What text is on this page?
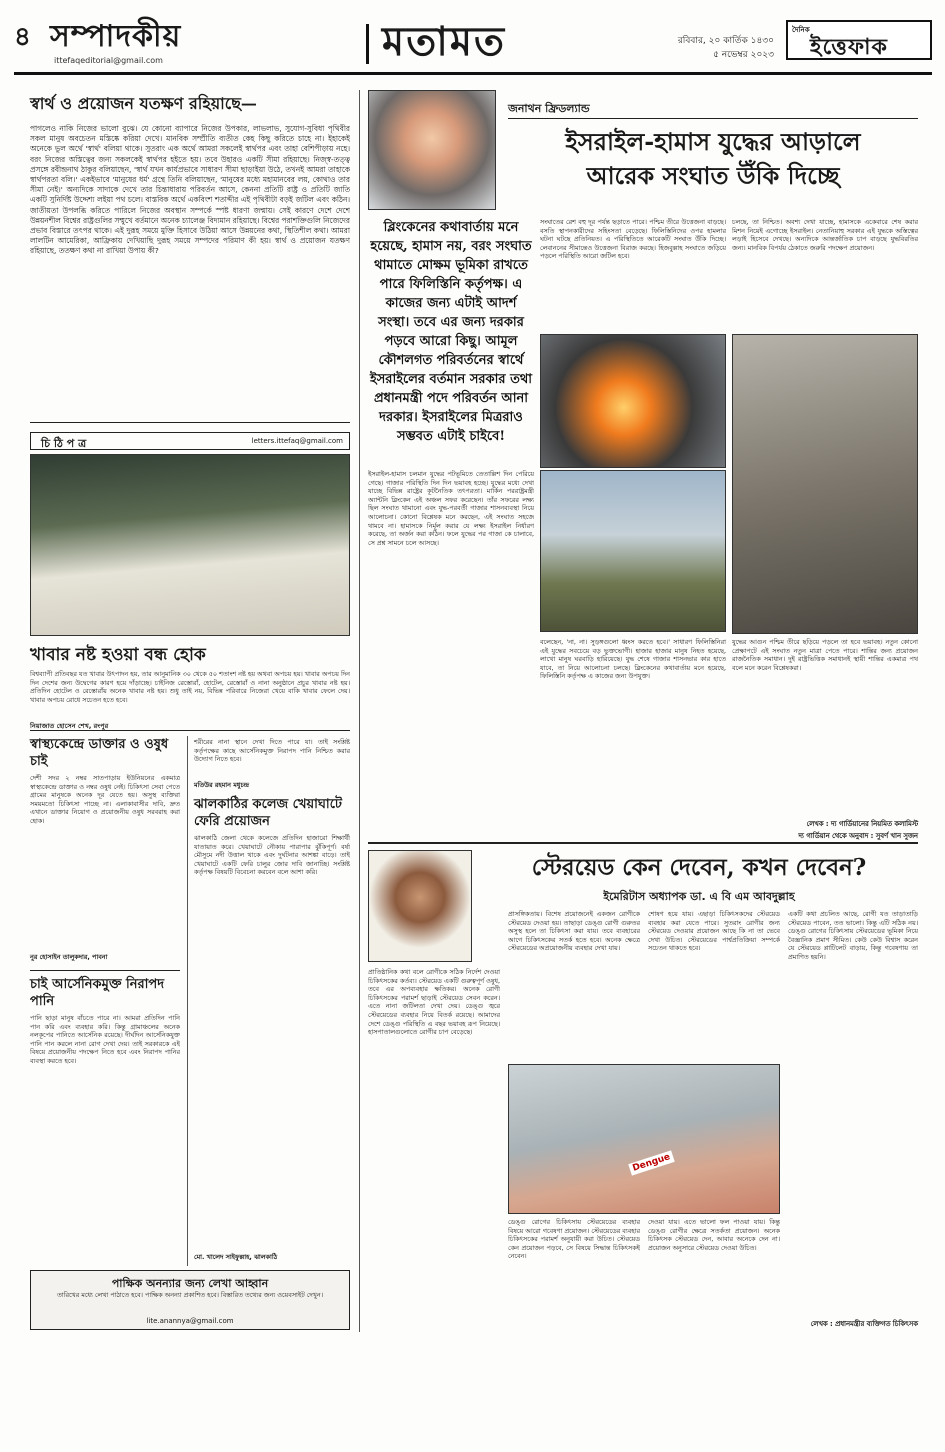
৪ সম্পাদকীয়
ittefaqeditorial@gmail.com	মতামত	রবিবার, ২০ কার্তিক ১৪৩০
৫ নভেম্বর ২০২৩
দৈনিক
ইত্তেফাক
স্বার্থ ও প্রয়োজন যতক্ষণ রহিয়াছে—
পাগলেও নাকি নিজের ভালো বুঝে। যে কোনো ব্যাপারে নিজের উপকার, লাভলাভ, সুযোগ-সুবিধা পৃথিবীর সকল মানুষ অবচেতন মস্তিষ্কে করিয়া দেখে। মানবিক সম্প্রীতি ব্যতীত কেহ কিছু করিতে চাহে না। ইহাকেই অনেকে ভুল অর্থে 'স্বার্থ' বলিয়া থাকে। সুতরাং এক অর্থে আমরা সকলেই স্বার্থপর এবং তাহা বেশিপীড়ায় নহে। বরং নিজের অস্তিত্বের জন্য সকলকেই স্বার্থপর হইতে হয়। তবে উহারও একটি সীমা রহিয়াছে। নিজ্স্ব-তত্ত্ব প্রসঙ্গে রবীন্দ্রনাথ ঠাকুর বলিয়াছেন, 'স্বার্থ যখন কার্যপ্রভাবে সাধারণ সীমা ছাড়াইয়া উঠে, তখনই আমরা তাহাকে স্বার্থপরতা বলি।' একইভাবে 'মানুষের ধর্ম' গ্রন্থে তিনি বলিয়াছেন, 'মানুষের মধ্যে মহামানবের লয়, কোথাও তার সীমা নেই।' অন্যদিকে সাদাকে দেখে তার চিন্তাধারায় পরিবর্তন আসে, কেননা প্রতিটি রাষ্ট্র ও প্রতিটি জাতি একটি সুনির্দিষ্ট উদ্দেশ্য লইয়া পথ চলে। বাস্তবিক অর্থে একবিংশ শতাব্দীর এই পৃথিবীটা বড়ই জটিল এবং কঠিন। জাতীয়তা উপলব্ধি করিতে পারিলে নিজের অবস্থান সম্পর্কে স্পষ্ট ধারণা জন্মায়। সেই কারণে দেশে দেশে উন্নয়নশীল বিশ্বের রাষ্ট্রগুলির সম্মুখে বর্তমানে অনেক চ্যালেঞ্জ বিদ্যমান রহিয়াছে। বিশ্বের পরাশক্তিগুলি নিজেদের প্রভাব বিস্তারে তৎপর থাকে। এই দুরূহ সময়ে মুক্তি হিসাবে উঠিয়া আসে উন্নয়নের কথা, স্থিতিশীল কথা। আমরা লালটিন আমেরিকা, আফ্রিকায় দেখিয়াছি দুরূহ সময়ে সম্পদের পরিমাণ কী হয়। স্বার্থ ও প্রয়োজন যতক্ষণ রহিয়াছে, ততক্ষণ কথা না রাখিয়া উপায় কী?
চি ঠি প ত্র	letters.ittefaq@gmail.com
খাবার নষ্ট হওয়া বন্ধ হোক
বিশ্বব্যাপী প্রতিবছর যত খাবার উৎপাদন হয়, তার আনুমানিক ৩০ থেকে ৫০ শতাংশ নষ্ট হয় অথবা অপচয় হয়। খাবার অপচয় দিন দিন দেশের জন্য উদ্বেগের কারণ হয়ে দাঁড়াচ্ছে। চাইনিজ রেস্তোরাঁ, হোটেল, রেস্তোরাঁ ও নানা অনুষ্ঠানে প্রচুর খাবার নষ্ট হয়। প্রতিদিন হোটেল ও রেস্তোরাঁয় অনেক খাবার নষ্ট হয়। শুধু তাই নয়, বিভিন্ন পরিবারে নিজেরা খেয়ে বাকি খাবার ফেলে দেয়। খাবার অপচয় রোধে সচেতন হতে হবে।
নিয়াজাত হোসেন শেখ, রংপুর
স্বাস্থ্যকেন্দ্রে ডাক্তার ও ওষুধ চাই
দেশী সদর ২ নম্বর সাতপাড়ায় ইউনিয়নের একমাত্র স্বাস্থ্যকেন্দ্রে ডাক্তার ও নম্বর ওষুধ নেই। চিকিৎসা সেবা পেতে গ্রামের মানুষকে অনেক দূর যেতে হয়। অসুস্থ ব্যক্তিরা সময়মতো চিকিৎসা পাচ্ছে না। এলাকাবাসীর দাবি, দ্রুত এখানে ডাক্তার নিয়োগ ও প্রয়োজনীয় ওষুধ সরবরাহ করা হোক।
নুর হোসাইন তালুকদার, পাবনা
চাই আর্সেনিকমুক্ত নিরাপদ পানি
পানি ছাড়া মানুষ বাঁচতে পারে না। আমরা প্রতিদিন পানি পান করি এবং ব্যবহার করি। কিন্তু গ্রামাঞ্চলের অনেক নলকূপের পানিতে আর্সেনিক রয়েছে। দীর্ঘদিন আর্সেনিকযুক্ত পানি পান করলে নানা রোগ দেখা দেয়। তাই সরকারকে এই বিষয়ে প্রয়োজনীয় পদক্ষেপ নিতে হবে এবং নিরাপদ পানির ব্যবস্থা করতে হবে।
শরীরের নানা স্থানে দেখা দিতে পারে যা। তাই সংশ্লিষ্ট কর্তৃপক্ষের কাছে আর্সেনিকমুক্ত নিরাপদ পানি নিশ্চিত করার উদ্যোগ নিতে হবে।
মতিউর রহমান মধুচন্দ্র
ঝালকাঠির কলেজ খেয়াঘাটে ফেরি প্রয়োজন
ঝালকাঠি জেলা থেকে কলেজে প্রতিদিন হাজারো শিক্ষার্থী যাতায়াত করে। খেয়াঘাটে নৌকায় পারাপার ঝুঁকিপূর্ণ। বর্ষা মৌসুমে নদী উত্তাল থাকে এবং দুর্ঘটনার আশঙ্কা বাড়ে। তাই খেয়াঘাটে একটি ফেরি চালুর জোর দাবি জানাচ্ছি। সংশ্লিষ্ট কর্তৃপক্ষ বিষয়টি বিবেচনা করবেন বলে আশা করি।
মো. খালেদ সাইফুল্লাহ, ঝালকাঠি
পাক্ষিক অনন্যার জন্য লেখা আহ্বান
তারিখের মধ্যে লেখা পাঠাতে হবে। পাক্ষিক অনন্যা প্রকাশিত হবে। বিস্তারিত তথ্যের জন্য ওয়েবসাইট দেখুন।
lite.anannya@gmail.com
জনাথন ফ্রিডল্যান্ড
ইসরাইল-হামাস যুদ্ধের আড়ালে
আরেক সংঘাত উঁকি দিচ্ছে
ব্লিংকেনের কথাবার্তায় মনে হয়েছে, হামাস নয়, বরং সংঘাত থামাতে মোক্ষম ভূমিকা রাখতে পারে ফিলিস্তিনি কর্তৃপক্ষ। এ কাজের জন্য এটাই আদর্শ সংস্থা। তবে এর জন্য দরকার পড়বে আরো কিছু। আমূল কৌশলগত পরিবর্তনের স্বার্থে ইসরাইলের বর্তমান সরকার তথা প্রধানমন্ত্রী পদে পরিবর্তন আনা দরকার। ইসরাইলের মিত্ররাও সম্ভবত এটাই চাইবে!
ইসরাইল-হামাস চলমান যুদ্ধের পটভূমিতে তেতাল্লিশ দিন পেরিয়ে গেছে। গাজার পরিস্থিতি দিন দিন ভয়াবহ হচ্ছে। যুদ্ধের মধ্যে দেখা যাচ্ছে বিভিন্ন রাষ্ট্রের কূটনৈতিক তৎপরতা। মার্কিন পররাষ্ট্রমন্ত্রী অ্যান্টনি ব্লিংকেন এই অঞ্চল সফর করেছেন। তাঁর সফরের লক্ষ্য ছিল সংঘাত থামানো এবং যুদ্ধ-পরবর্তী গাজার শাসনব্যবস্থা নিয়ে আলোচনা। কোনো বিশ্লেষক মনে করছেন, এই সংঘাত সহজে থামবে না। হামাসকে নির্মূল করার যে লক্ষ্য ইসরাইল নির্ধারণ করেছে, তা অর্জন করা কঠিন। ফলে যুদ্ধের পর গাজা কে চালাবে, সে প্রশ্ন সামনে চলে আসছে।
সংঘাতের রেশ বহু দূর পর্যন্ত ছড়াতে পারে। পশ্চিম তীরে উত্তেজনা বাড়ছে। বসতি স্থাপনকারীদের সহিংসতা বেড়েছে। ফিলিস্তিনিদের ওপর হামলার ঘটনা ঘটছে প্রতিনিয়ত। এ পরিস্থিতিতে আরেকটি সংঘাত উঁকি দিচ্ছে। লেবাননের সীমান্তেও উত্তেজনা বিরাজ করছে। হিজবুল্লাহ সংঘাতে জড়িয়ে পড়লে পরিস্থিতি আরো জটিল হবে।
চলছে, তা নিশ্চিত। অবশ্য দেখা যাচ্ছে, হামাসকে একেবারে শেষ করার মিশন নিয়েই এগোচ্ছে ইসরাইল। নেতানিয়াহু সরকার এই যুদ্ধকে অস্তিত্বের লড়াই হিসেবে দেখছে। অন্যদিকে আন্তর্জাতিক চাপ বাড়ছে যুদ্ধবিরতির জন্য। মানবিক বিপর্যয় ঠেকাতে জরুরি পদক্ষেপ প্রয়োজন।
বলেছেন, 'না, না। সুড়ঙ্গগুলো ধ্বংস করতে হবে।' সাধারণ ফিলিস্তিনিরা এই যুদ্ধের সবচেয়ে বড় ভুক্তভোগী। হাজার হাজার মানুষ নিহত হয়েছে, লাখো মানুষ ঘরবাড়ি হারিয়েছে। যুদ্ধ শেষে গাজার শাসনভার কার হাতে যাবে, তা নিয়ে আলোচনা চলছে। ব্লিংকেনের কথাবার্তায় মনে হয়েছে, ফিলিস্তিনি কর্তৃপক্ষ এ কাজের জন্য উপযুক্ত।
যুদ্ধের আগুন পশ্চিম তীরে ছড়িয়ে পড়লে তা হবে ভয়াবহ। নতুন কোনো প্রেক্ষাপটে এই সংঘাত নতুন মাত্রা পেতে পারে। শান্তির জন্য প্রয়োজন রাজনৈতিক সমাধান। দুই রাষ্ট্রভিত্তিক সমাধানই স্থায়ী শান্তির একমাত্র পথ বলে মনে করেন বিশ্লেষকরা।
লেখক : দ্য গার্ডিয়ানের নিয়মিত কলামিস্ট
দ্য গার্ডিয়ান থেকে অনুবাদ : সুবর্ণ খান সুজন
স্টেরয়েড কেন দেবেন, কখন দেবেন?
ইমেরিটাস অধ্যাপক ডা. এ বি এম আবদুল্লাহ
প্রাতিষ্ঠানিক কথা বলে রোগীকে সঠিক নির্দেশ দেওয়া চিকিৎসকের কর্তব্য। স্টেরয়েড একটি গুরুত্বপূর্ণ ওষুধ, তবে এর অপব্যবহার ক্ষতিকর। অনেক রোগী চিকিৎসকের পরামর্শ ছাড়াই স্টেরয়েড সেবন করেন। এতে নানা জটিলতা দেখা দেয়। ডেঙ্গু জ্বরে স্টেরয়েডের ব্যবহার নিয়ে বিতর্ক রয়েছে। আমাদের দেশে ডেঙ্গু পরিস্থিতি এ বছর ভয়াবহ রূপ নিয়েছে। হাসপাতালগুলোতে রোগীর চাপ বেড়েছে।
প্রাসঙ্গিকতায়। বিশেষ প্রয়োজনেই একজন রোগীকে স্টেরয়েড দেওয়া হয়। তাছাড়া ডেঙ্গু রোগী গুরুতর অসুস্থ হলে তা চিকিৎসা করা যায়। তবে ব্যবহারের আগে চিকিৎসকের সতর্ক হতে হবে। অনেক ক্ষেত্রে স্টেরয়েডের অপ্রয়োজনীয় ব্যবহার দেখা যায়।
শোষণ হয়ে যায়। এছাড়া চিকিৎসকদের স্টেরয়েড ব্যবহার করা যেতে পারে। সুতরাং রোগীর জন্য স্টেরয়েড দেওয়ার প্রয়োজন আছে কি না তা ভেবে দেখা উচিত। স্টেরয়েডের পার্শ্বপ্রতিক্রিয়া সম্পর্কে সচেতন থাকতে হবে।
একটি কথা প্রচলিত আছে, রোগী যত তাড়াতাড়ি স্টেরয়েড পাবেন, তত ভালো। কিন্তু এটি সঠিক নয়। ডেঙ্গু রোগের চিকিৎসায় স্টেরয়েডের ভূমিকা নিয়ে বৈজ্ঞানিক প্রমাণ সীমিত। কেউ কেউ বিশ্বাস করেন যে স্টেরয়েড প্লাটিলেট বাড়ায়, কিন্তু গবেষণায় তা প্রমাণিত হয়নি।
Dengue
ডেঙ্গু রোগের চিকিৎসায় স্টেরয়েডের ব্যবহার বিষয়ে আরো গবেষণা প্রয়োজন। স্টেরয়েডের ব্যবহার চিকিৎসকের পরামর্শ অনুযায়ী করা উচিত। স্টেরয়েড কেন প্রয়োজন পড়বে, সে বিষয়ে সিদ্ধান্ত চিকিৎসকই নেবেন।
দেওয়া যায়। এতে ভালো ফল পাওয়া যায়। কিন্তু ডেঙ্গু রোগীর ক্ষেত্রে সতর্কতা প্রয়োজন। অনেক চিকিৎসক স্টেরয়েড দেন, আবার অনেকে দেন না। প্রয়োজন অনুসারে স্টেরয়েড দেওয়া উচিত।
লেখক : প্রধানমন্ত্রীর ব্যক্তিগত চিকিৎসক
